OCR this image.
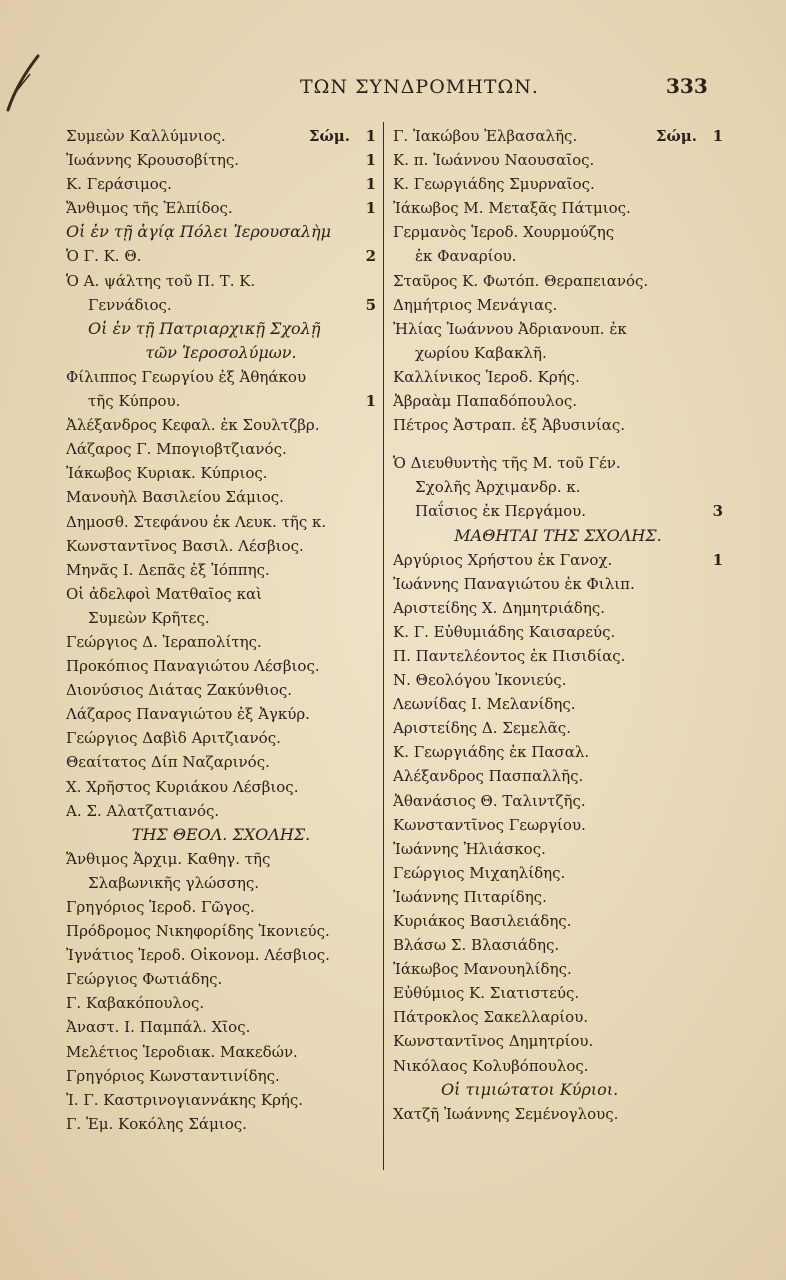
ΤΩΝ ΣΥΝΔΡΟΜΗΤΩΝ.	333
Συμεὼν Καλλύμνιος.	Σώμ. 1
Ἰωάννης Κρουσοβίτης.	1
Κ. Γεράσιμος.	1
Ἄνθιμος τῆς Ἐλπίδος.	1
Οἱ ἐν τῇ ἁγίᾳ Πόλει Ἱερουσαλὴμ
Ὁ Γ. Κ. Θ.	2
Ὁ Α. ψάλτης τοῦ Π. Τ. Κ.
Γεννάδιος.	5
Οἱ ἐν τῇ Πατριαρχικῇ Σχολῇ
τῶν Ἱεροσολύμων.
Φίλιππος Γεωργίου ἐξ Ἀθηάκου
τῆς Κύπρου.	1
Ἀλέξανδρος Κεφαλ. ἐκ Σουλτζβρ.
Λάζαρος Γ. Μπογιοβτζιανός.
Ἰάκωβος Κυριακ. Κύπριος.
Μανουὴλ Βασιλείου Σάμιος.
Δημοσθ. Στεφάνου ἐκ Λευκ. τῆς κ.
Κωνσταντῖνος Βασιλ. Λέσβιος.
Μηνᾶς Ι. Δεπᾶς ἐξ Ἰόππης.
Οἱ ἀδελφοὶ Ματθαῖος καὶ
Συμεὼν Κρῆτες.
Γεώργιος Δ. Ἱεραπολίτης.
Προκόπιος Παναγιώτου Λέσβιος.
Διονύσιος Διάτας Ζακύνθιος.
Λάζαρος Παναγιώτου ἐξ Ἀγκύρ.
Γεώργιος Δαβὶδ Αριτζιανός.
Θεαίτατος Δίπ Ναζαρινός.
Χ. Χρῆστος Κυριάκου Λέσβιος.
Α. Σ. Αλατζατιανός.
ΤΗΣ ΘΕΟΛ. ΣΧΟΛΗΣ.
Ἄνθιμος Ἀρχιμ. Καθηγ. τῆς
Σλαβωνικῆς γλώσσης.
Γρηγόριος Ἱεροδ. Γῶγος.
Πρόδρομος Νικηφορίδης Ἰκονιεύς.
Ἰγνάτιος Ἱεροδ. Οἰκονομ. Λέσβιος.
Γεώργιος Φωτιάδης.
Γ. Καβακόπουλος.
Ἀναστ. Ι. Παμπάλ. Χῖος.
Μελέτιος Ἱεροδιακ. Μακεδών.
Γρηγόριος Κωνσταντινίδης.
Ἰ. Γ. Καστρινογιαννάκης Κρής.
Γ. Ἐμ. Κοκόλης Σάμιος.
Γ. Ἰακώβου Ἐλβασαλῆς.	Σώμ. 1
Κ. π. Ἰωάννου Ναουσαῖος.
Κ. Γεωργιάδης Σμυρναῖος.
Ἰάκωβος Μ. Μεταξᾶς Πάτμιος.
Γερμανὸς Ἱεροδ. Χουρμούζης
ἐκ Φαναρίου.
Σταῦρος Κ. Φωτόπ. Θεραπειανός.
Δημήτριος Μενάγιας.
Ἠλίας Ἰωάννου Ἀδριανουπ. ἐκ
χωρίου Καβακλῆ.
Καλλίνικος Ἱεροδ. Κρής.
Ἀβραὰμ Παπαδόπουλος.
Πέτρος Ἀστραπ. ἐξ Ἀβυσινίας.
Ὁ Διευθυντὴς τῆς Μ. τοῦ Γέν.
Σχολῆς Ἀρχιμανδρ. κ.
Παΐσιος ἐκ Περγάμου.	3
ΜΑΘΗΤΑΙ ΤΗΣ ΣΧΟΛΗΣ.
Αργύριος Χρήστου ἐκ Γανοχ.	1
Ἰωάννης Παναγιώτου ἐκ Φιλιπ.
Αριστείδης Χ. Δημητριάδης.
Κ. Γ. Εὐθυμιάδης Καισαρεύς.
Π. Παντελέοντος ἐκ Πισιδίας.
Ν. Θεολόγου Ἰκονιεύς.
Λεωνίδας Ι. Μελανίδης.
Αριστείδης Δ. Σεμελᾶς.
Κ. Γεωργιάδης ἐκ Πασαλ.
Αλέξανδρος Πασπαλλῆς.
Ἀθανάσιος Θ. Ταλιντζῆς.
Κωνσταντῖνος Γεωργίου.
Ἰωάννης Ἠλιάσκος.
Γεώργιος Μιχαηλίδης.
Ἰωάννης Πιταρίδης.
Κυριάκος Βασιλειάδης.
Βλάσω Σ. Βλασιάδης.
Ἰάκωβος Μανουηλίδης.
Εὐθύμιος Κ. Σιατιστεύς.
Πάτροκλος Σακελλαρίου.
Κωνσταντῖνος Δημητρίου.
Νικόλαος Κολυβόπουλος.
Οἱ τιμιώτατοι Κύριοι.
Χατζῆ Ἰωάννης Σεμένογλους.
